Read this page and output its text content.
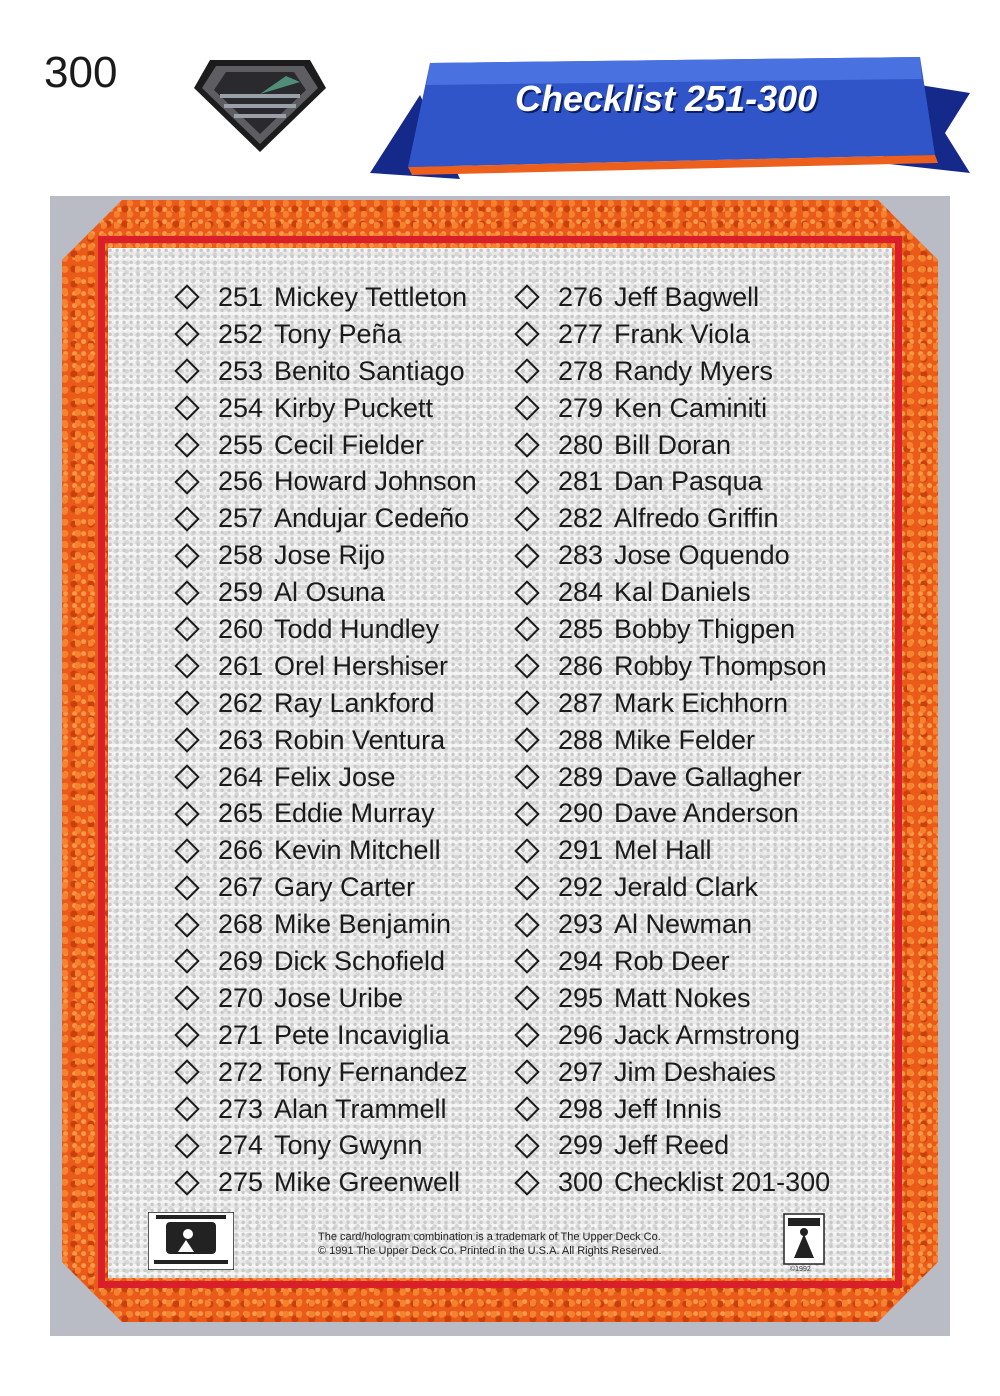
300
Checklist 251-300
251 Mickey Tettleton
252 Tony Peña
253 Benito Santiago
254 Kirby Puckett
255 Cecil Fielder
256 Howard Johnson
257 Andujar Cedeño
258 Jose Rijo
259 Al Osuna
260 Todd Hundley
261 Orel Hershiser
262 Ray Lankford
263 Robin Ventura
264 Felix Jose
265 Eddie Murray
266 Kevin Mitchell
267 Gary Carter
268 Mike Benjamin
269 Dick Schofield
270 Jose Uribe
271 Pete Incaviglia
272 Tony Fernandez
273 Alan Trammell
274 Tony Gwynn
275 Mike Greenwell
276 Jeff Bagwell
277 Frank Viola
278 Randy Myers
279 Ken Caminiti
280 Bill Doran
281 Dan Pasqua
282 Alfredo Griffin
283 Jose Oquendo
284 Kal Daniels
285 Bobby Thigpen
286 Robby Thompson
287 Mark Eichhorn
288 Mike Felder
289 Dave Gallagher
290 Dave Anderson
291 Mel Hall
292 Jerald Clark
293 Al Newman
294 Rob Deer
295 Matt Nokes
296 Jack Armstrong
297 Jim Deshaies
298 Jeff Innis
299 Jeff Reed
300 Checklist 201-300
The card/hologram combination is a trademark of The Upper Deck Co.
© 1991 The Upper Deck Co. Printed in the U.S.A. All Rights Reserved.
©1992
